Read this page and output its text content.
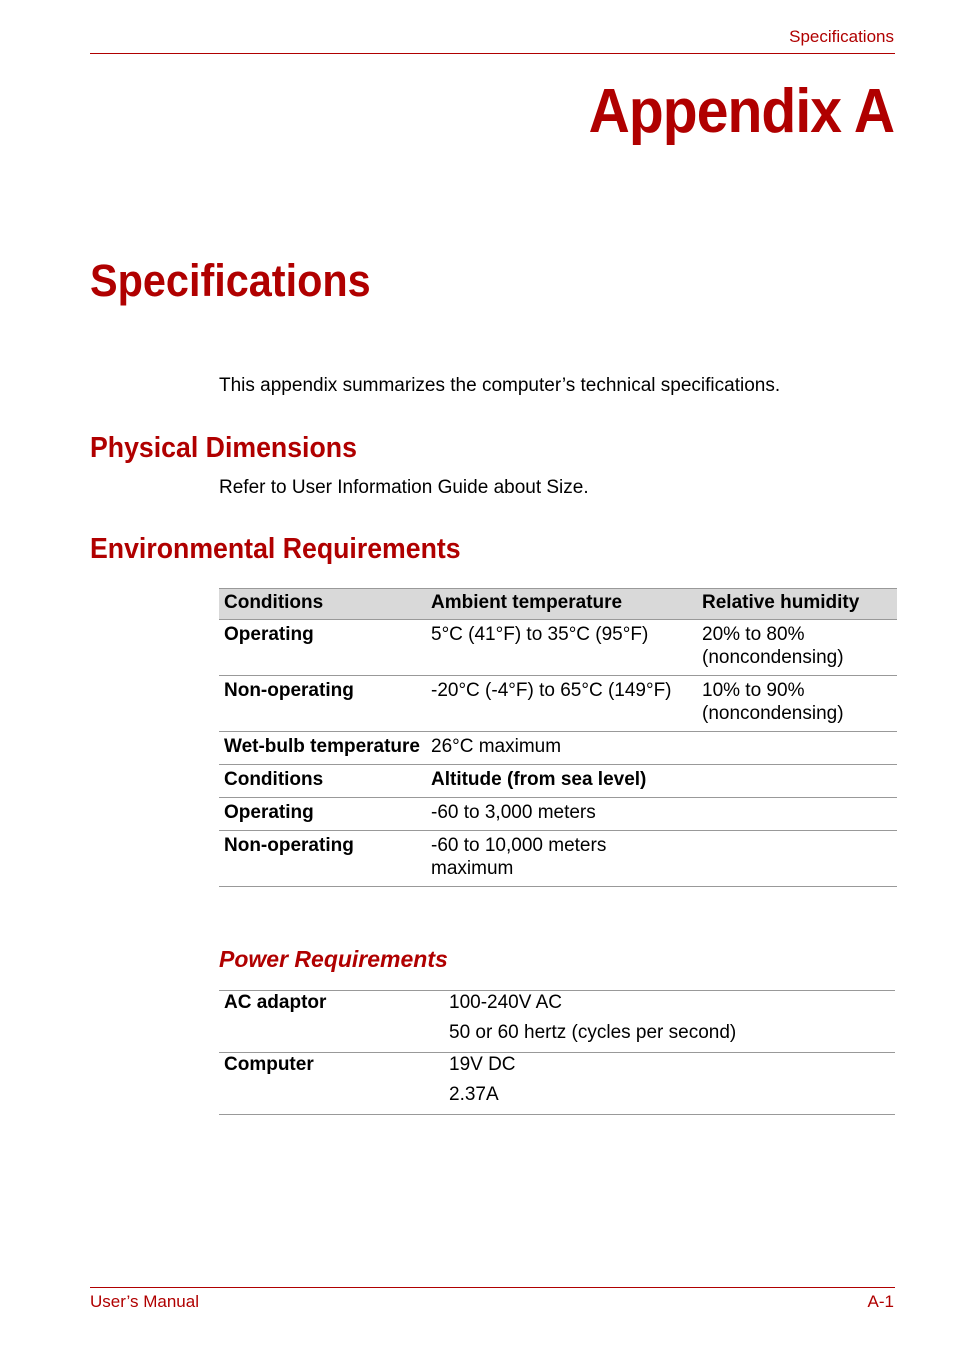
Specifications
Appendix A
Specifications
This appendix summarizes the computer’s technical specifications.
Physical Dimensions
Refer to User Information Guide about Size.
Environmental Requirements
Conditions	Ambient temperature	Relative humidity
Operating	5°C (41°F) to 35°C (95°F)	20% to 80% (noncondensing)
Non-operating	-20°C (-4°F) to 65°C (149°F)	10% to 90% (noncondensing)
Wet-bulb temperature	26°C maximum	
Conditions	Altitude (from sea level)	
Operating	-60 to 3,000 meters	
Non-operating	-60 to 10,000 meters maximum	
Power Requirements
AC adaptor	100-240V AC
	50 or 60 hertz (cycles per second)
Computer	19V DC
	2.37A
User’s Manual	A-1
